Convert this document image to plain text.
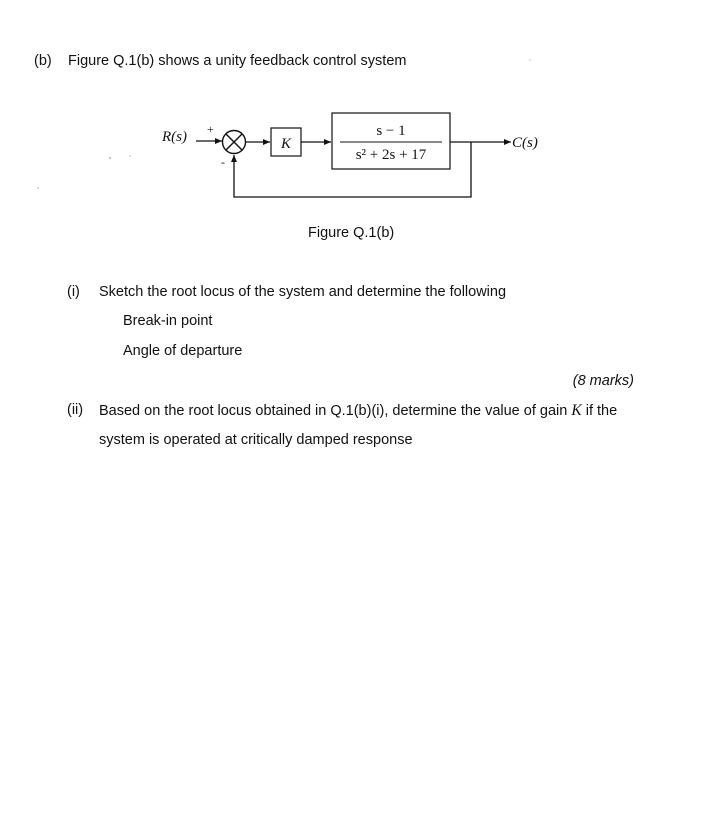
(b) Figure Q.1(b) shows a unity feedback control system
R(s) +
-
K
s − 1
s² + 2s + 17
C(s)
Figure Q.1(b)
(i) Sketch the root locus of the system and determine the following
Break-in point
Angle of departure
(8 marks)
(ii) Based on the root locus obtained in Q.1(b)(i), determine the value of gain K if the
system is operated at critically damped response
